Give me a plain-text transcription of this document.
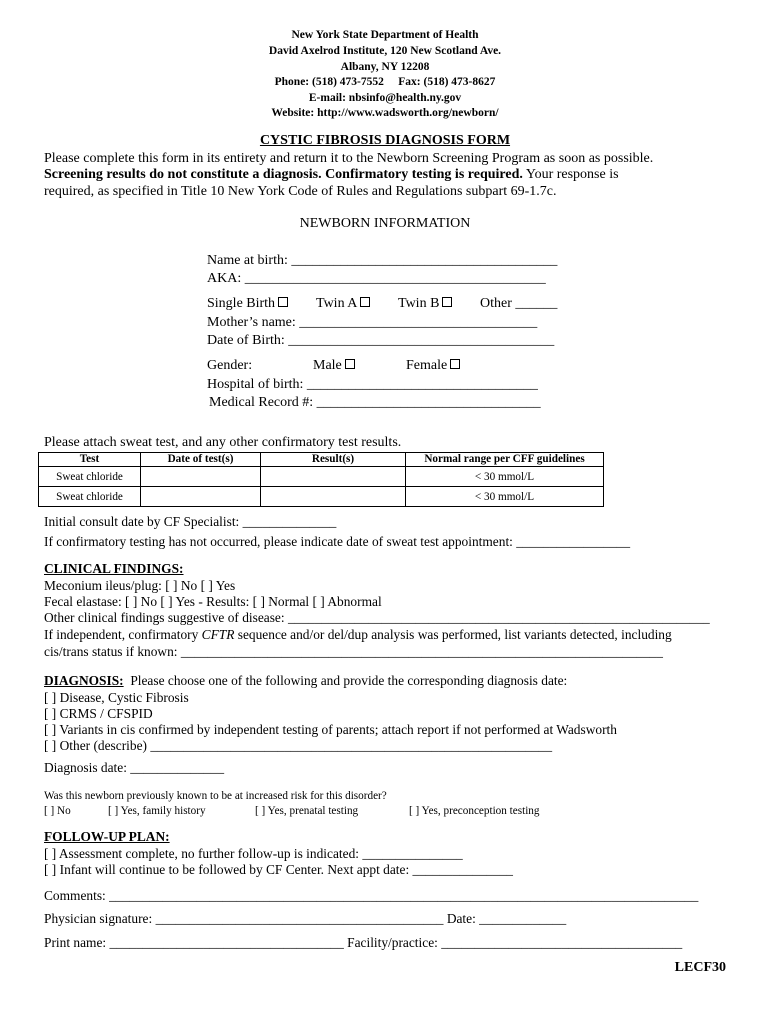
New York State Department of Health
David Axelrod Institute, 120 New Scotland Ave.
Albany, NY 12208
Phone: (518) 473-7552     Fax: (518) 473-8627
E-mail: nbsinfo@health.ny.gov
Website: http://www.wadsworth.org/newborn/
CYSTIC FIBROSIS DIAGNOSIS FORM
Please complete this form in its entirety and return it to the Newborn Screening Program as soon as possible.
Screening results do not constitute a diagnosis. Confirmatory testing is required. Your response is
required, as specified in Title 10 New York Code of Rules and Regulations subpart 69-1.7c.
NEWBORN INFORMATION
Name at birth: ______________________________________
AKA: ___________________________________________
Single Birth	Twin A	Twin B	Other ______
Mother’s name: __________________________________
Date of Birth: ______________________________________
Gender:	Male	Female
Hospital of birth: _________________________________
Medical Record #: ________________________________
Please attach sweat test, and any other confirmatory test results.
Test	Date of test(s)	Result(s)	Normal range per CFF guidelines
Sweat chloride			< 30 mmol/L
Sweat chloride			< 30 mmol/L
Initial consult date by CF Specialist: ______________
If confirmatory testing has not occurred, please indicate date of sweat test appointment: _________________
CLINICAL FINDINGS:
Meconium ileus/plug: [ ] No [ ] Yes
Fecal elastase: [ ] No [ ] Yes - Results: [ ] Normal [ ] Abnormal
Other clinical findings suggestive of disease: _______________________________________________________________
If independent, confirmatory CFTR sequence and/or del/dup analysis was performed, list variants detected, including
cis/trans status if known: ________________________________________________________________________
DIAGNOSIS:  Please choose one of the following and provide the corresponding diagnosis date:
[ ] Disease, Cystic Fibrosis
[ ] CRMS / CFSPID
[ ] Variants in cis confirmed by independent testing of parents; attach report if not performed at Wadsworth
[ ] Other (describe) ____________________________________________________________
Diagnosis date: ______________
Was this newborn previously known to be at increased risk for this disorder?
[ ] No	[ ] Yes, family history	[ ] Yes, prenatal testing	[ ] Yes, preconception testing
FOLLOW-UP PLAN:
[ ] Assessment complete, no further follow-up is indicated: _______________
[ ] Infant will continue to be followed by CF Center. Next appt date: _______________
Comments: ________________________________________________________________________________________
Physician signature: ___________________________________________ Date: _____________
Print name: ___________________________________ Facility/practice: ____________________________________
LECF30
